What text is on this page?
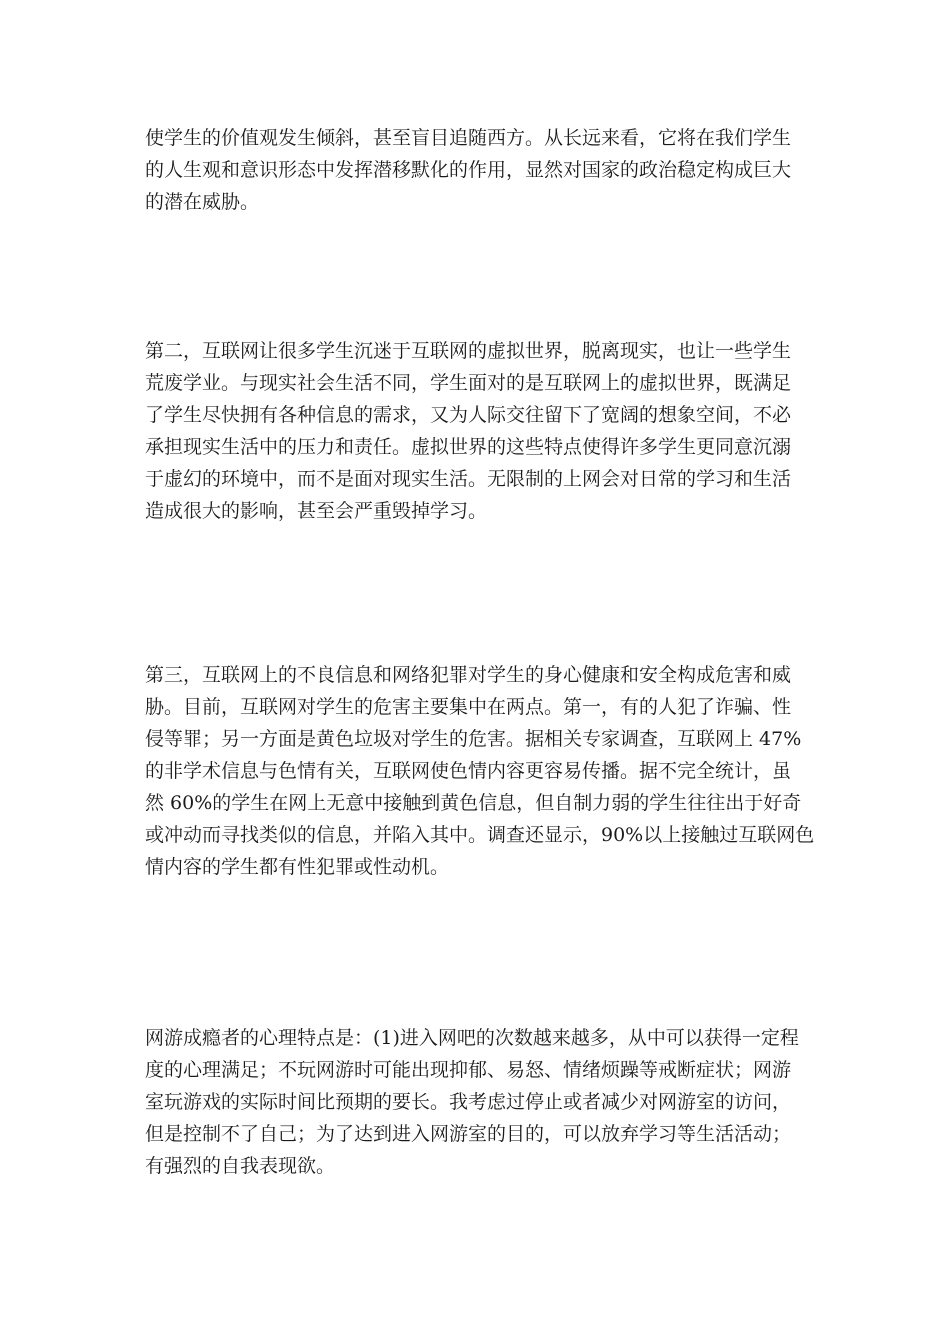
使学生的价值观发生倾斜，甚至盲目追随西方。从长远来看，它将在我们学生
的人生观和意识形态中发挥潜移默化的作用，显然对国家的政治稳定构成巨大
的潜在威胁。

第二，互联网让很多学生沉迷于互联网的虚拟世界，脱离现实，也让一些学生
荒废学业。与现实社会生活不同，学生面对的是互联网上的虚拟世界，既满足
了学生尽快拥有各种信息的需求，又为人际交往留下了宽阔的想象空间，不必
承担现实生活中的压力和责任。虚拟世界的这些特点使得许多学生更同意沉溺
于虚幻的环境中，而不是面对现实生活。无限制的上网会对日常的学习和生活
造成很大的影响，甚至会严重毁掉学习。

第三，互联网上的不良信息和网络犯罪对学生的身心健康和安全构成危害和威
胁。目前，互联网对学生的危害主要集中在两点。第一，有的人犯了诈骗、性
侵等罪；另一方面是黄色垃圾对学生的危害。据相关专家调查，互联网上 47%
的非学术信息与色情有关，互联网使色情内容更容易传播。据不完全统计，虽
然 60%的学生在网上无意中接触到黄色信息，但自制力弱的学生往往出于好奇
或冲动而寻找类似的信息，并陷入其中。调查还显示，90%以上接触过互联网色
情内容的学生都有性犯罪或性动机。

网游成瘾者的心理特点是：(1)进入网吧的次数越来越多，从中可以获得一定程
度的心理满足；不玩网游时可能出现抑郁、易怒、情绪烦躁等戒断症状；网游
室玩游戏的实际时间比预期的要长。我考虑过停止或者减少对网游室的访问，
但是控制不了自己；为了达到进入网游室的目的，可以放弃学习等生活活动；
有强烈的自我表现欲。
